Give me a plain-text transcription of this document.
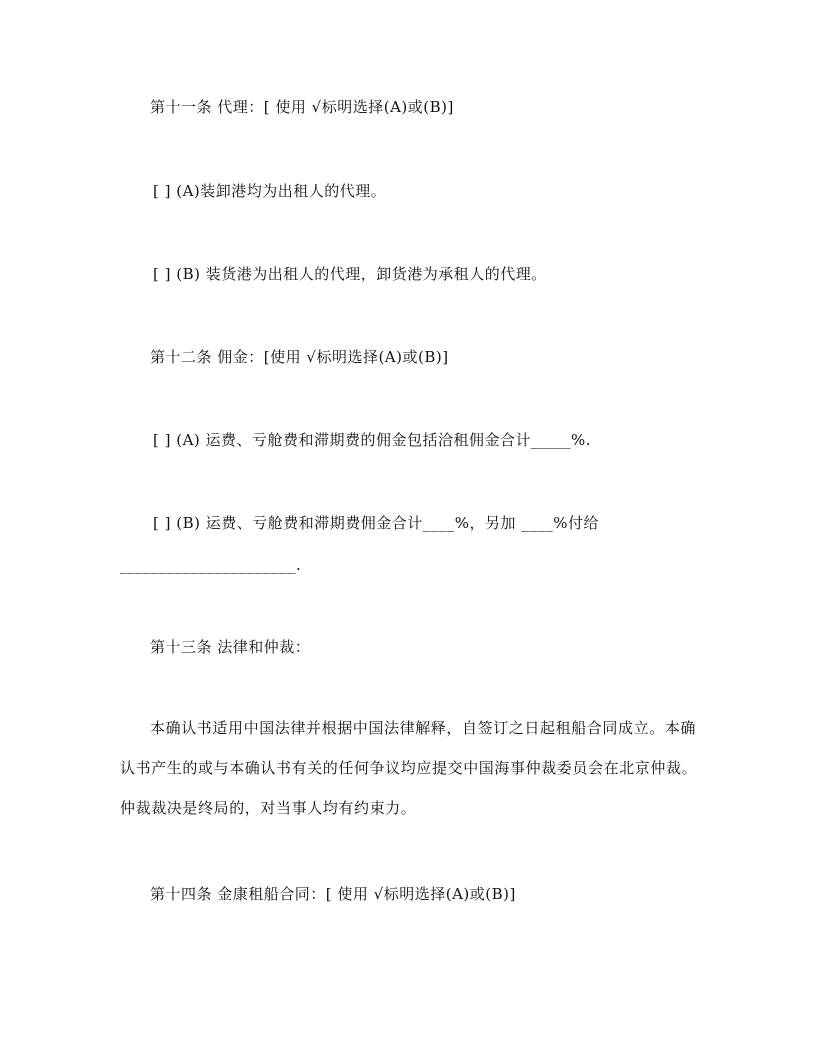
第十一条 代理：[ 使用 √标明选择(A)或(B)]
[ ] (A)装卸港均为出租人的代理。
[ ] (B) 装货港为出租人的代理，卸货港为承租人的代理。
第十二条 佣金：[使用 √标明选择(A)或(B)]
[ ] (A) 运费、亏舱费和滞期费的佣金包括洽租佣金合计_____%.
[ ] (B) 运费、亏舱费和滞期费佣金合计____%，另加 ____%付给
______________________.
第十三条 法律和仲裁：
本确认书适用中国法律并根据中国法律解释，自签订之日起租船合同成立。本确认书产生的或与本确认书有关的任何争议均应提交中国海事仲裁委员会在北京仲裁。仲裁裁决是终局的，对当事人均有约束力。
第十四条 金康租船合同：[ 使用 √标明选择(A)或(B)]
